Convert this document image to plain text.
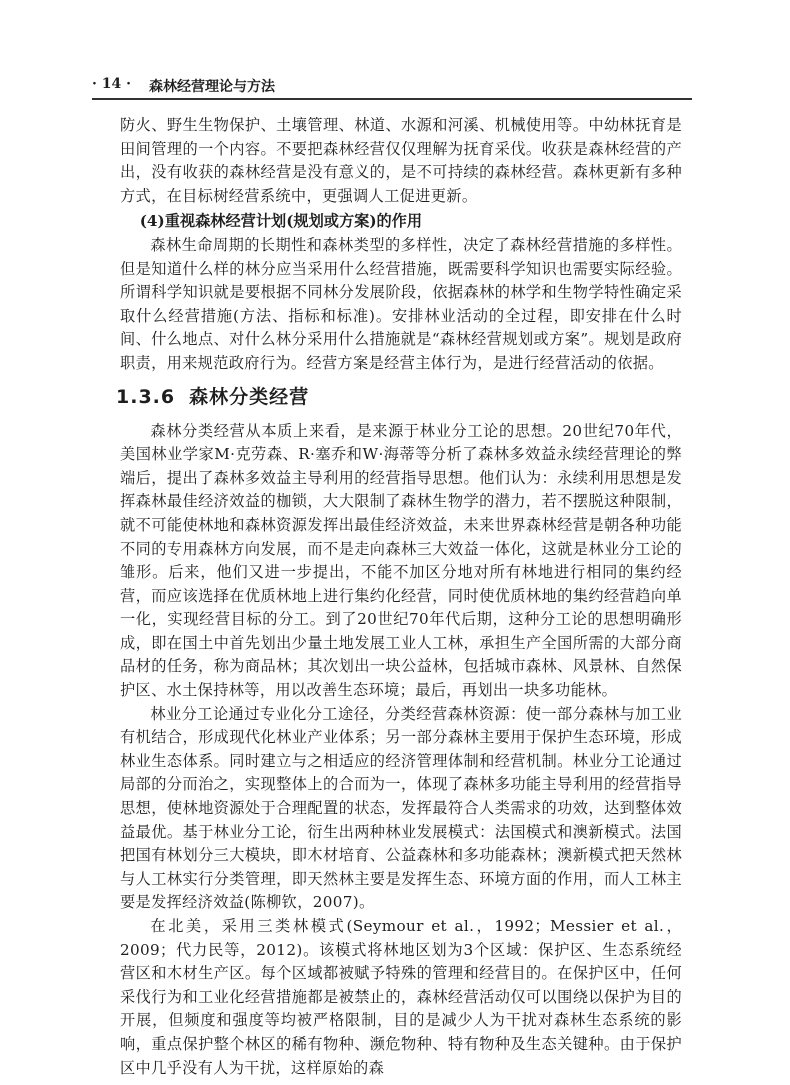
· 14 · 森林经营理论与方法

防火、野生生物保护、土壤管理、林道、水源和河溪、机械使用等。中幼林抚育是田间管理的一个内容。不要把森林经营仅仅理解为抚育采伐。收获是森林经营的产出，没有收获的森林经营是没有意义的，是不可持续的森林经营。森林更新有多种方式，在目标树经营系统中，更强调人工促进更新。

(4)重视森林经营计划(规划或方案)的作用

森林生命周期的长期性和森林类型的多样性，决定了森林经营措施的多样性。但是知道什么样的林分应当采用什么经营措施，既需要科学知识也需要实际经验。所谓科学知识就是要根据不同林分发展阶段，依据森林的林学和生物学特性确定采取什么经营措施(方法、指标和标准)。安排林业活动的全过程，即安排在什么时间、什么地点、对什么林分采用什么措施就是“森林经营规划或方案”。规划是政府职责，用来规范政府行为。经营方案是经营主体行为，是进行经营活动的依据。

1.3.6 森林分类经营

森林分类经营从本质上来看，是来源于林业分工论的思想。20世纪70年代，美国林业学家M·克劳森、R·塞乔和W·海蒂等分析了森林多效益永续经营理论的弊端后，提出了森林多效益主导利用的经营指导思想。他们认为：永续利用思想是发挥森林最佳经济效益的枷锁，大大限制了森林生物学的潜力，若不摆脱这种限制，就不可能使林地和森林资源发挥出最佳经济效益，未来世界森林经营是朝各种功能不同的专用森林方向发展，而不是走向森林三大效益一体化，这就是林业分工论的雏形。后来，他们又进一步提出，不能不加区分地对所有林地进行相同的集约经营，而应该选择在优质林地上进行集约化经营，同时使优质林地的集约经营趋向单一化，实现经营目标的分工。到了20世纪70年代后期，这种分工论的思想明确形成，即在国土中首先划出少量土地发展工业人工林，承担生产全国所需的大部分商品材的任务，称为商品林；其次划出一块公益林，包括城市森林、风景林、自然保护区、水土保持林等，用以改善生态环境；最后，再划出一块多功能林。

林业分工论通过专业化分工途径，分类经营森林资源：使一部分森林与加工业有机结合，形成现代化林业产业体系；另一部分森林主要用于保护生态环境，形成林业生态体系。同时建立与之相适应的经济管理体制和经营机制。林业分工论通过局部的分而治之，实现整体上的合而为一，体现了森林多功能主导利用的经营指导思想，使林地资源处于合理配置的状态，发挥最符合人类需求的功效，达到整体效益最优。基于林业分工论，衍生出两种林业发展模式：法国模式和澳新模式。法国把国有林划分三大模块，即木材培育、公益森林和多功能森林；澳新模式把天然林与人工林实行分类管理，即天然林主要是发挥生态、环境方面的作用，而人工林主要是发挥经济效益(陈柳钦，2007)。

在北美，采用三类林模式(Seymour et al.，1992；Messier et al.，2009；代力民等，2012)。该模式将林地区划为3个区域：保护区、生态系统经营区和木材生产区。每个区域都被赋予特殊的管理和经营目的。在保护区中，任何采伐行为和工业化经营措施都是被禁止的，森林经营活动仅可以围绕以保护为目的开展，但频度和强度等均被严格限制，目的是减少人为干扰对森林生态系统的影响，重点保护整个林区的稀有物种、濒危物种、特有物种及生态关键种。由于保护区中几乎没有人为干扰，这样原始的森
